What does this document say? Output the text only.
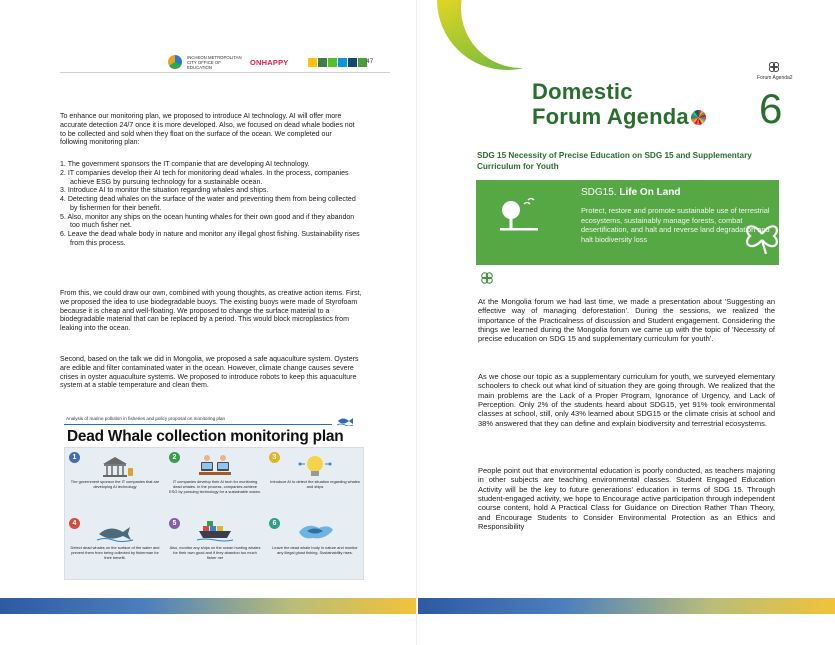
INCHEON METROPOLITAN CITY OFFICE OF EDUCATION
ONHAPPY	47
To enhance our monitoring plan, we proposed to introduce AI technology. AI will offer more accurate detection 24/7 once it is more developed. Also, we focused on dead whale bodies not to be collected and sold when they float on the surface of the ocean. We completed our following monitoring plan:
1. The government sponsors the IT companie that are developing AI technology.
2. IT companies develop their AI tech for monitoring dead whales. In the process, companies achieve ESG by pursuing technology for a sustainable ocean.
3. Introduce AI to monitor the situation regarding whales and ships.
4. Detecting dead whales on the surface of the water and preventing them from being collected by fishermen for their benefit.
5. Also, monitor any ships on the ocean hunting whales for their own good and if they abandon too much fisher net.
6. Leave the dead whale body in nature and monitor any illegal ghost fishing. Sustainability rises from this process.
From this, we could draw our own, combined with young thoughts, as creative action items. First, we proposed the idea to use biodegradable buoys. The existing buoys were made of Styrofoam because it is cheap and well-floating. We proposed to change the surface material to a biodegradable material that can be replaced by a period. This would block microplastics from leaking into the ocean.
Second, based on the talk we did in Mongolia, we proposed a safe aquaculture system. Oysters are edible and filter contaminated water in the ocean. However, climate change causes severe crises in oyster aquaculture systems. We proposed to introduce robots to keep this aquaculture system at a stable temperature and clean them.
Analysis of marine pollution in fisheries and policy proposal on monitoring plan
Dead Whale collection monitoring plan
1
The government sponsor the IT companies that are developing AI technology
2
IT companies develop their AI tech for monitoring dead whales. In the process, companies achieve ESG by pursuing technology for a sustainable ocean.
3
Introduce AI to detect the situation regarding whales and ships
4
Detect dead whales on the surface of the water and prevent them from being collected by fisherman for their benefit.
5
Also, monitor any ships on the ocean hunting whales for their own good and if they abandon too much fisher net
6
Leave the dead whale body in nature and monitor any illegal ghost fishing. Sustainability rises.
Domestic
Forum Agenda
Forum Agenda2
6
SDG 15 Necessity of Precise Education on SDG 15 and Supplementary Curriculum for Youth
SDG15. Life On Land
Protect, restore and promote sustainable use of terrestrial ecosystems, sustainably manage forests, combat desertification, and halt and reverse land degradation and halt biodiversity loss
At the Mongolia forum we had last time, we made a presentation about 'Suggesting an effective way of managing deforestation'. During the sessions, we realized the importance of the Practicalness of discussion and Student engagement. Considering the things we learned during the Mongolia forum we came up with the topic of 'Necessity of precise education on SDG 15 and supplementary curriculum for youth'.
As we chose our topic as a supplementary curriculum for youth, we surveyed elementary schoolers to check out what kind of situation they are going through. We realized that the main problems are the Lack of a Proper Program, Ignorance of Urgency, and Lack of Perception. Only 2% of the students heard about SDG15, yet 91% took environmental classes at school, still, only 43% learned about SDG15 or the climate crisis at school and 38% answered that they can define and explain biodiversity and terrestrial ecosystems.
People point out that environmental education is poorly conducted, as teachers majoring in other subjects are teaching environmental classes. Student Engaged Education Activity will be the key to future generations' education in terms of SDG 15. Through student-engaged activity, we hope to Encourage active participation through independent course content, hold A Practical Class for Guidance on Direction Rather Than Theory, and Encourage Students to Consider Environmental Protection as an Ethics and Responsibility
